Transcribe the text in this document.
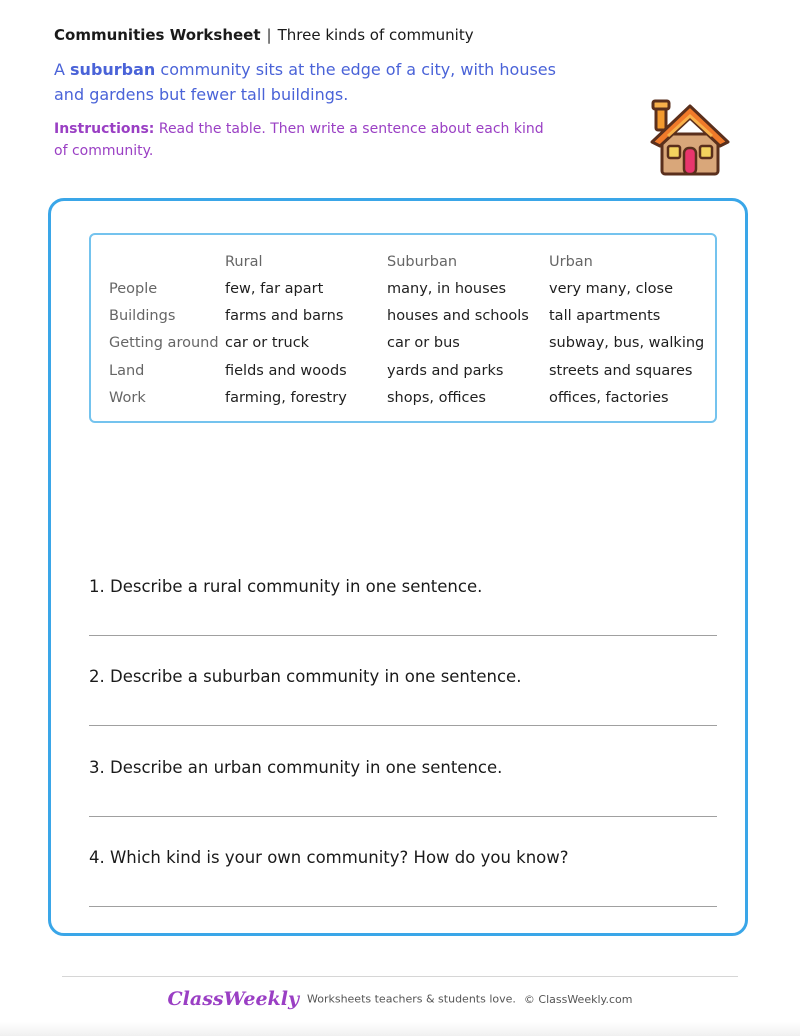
Communities Worksheet | Three kinds of community
A suburban community sits at the edge of a city, with houses and gardens but fewer tall buildings.
Instructions: Read the table. Then write a sentence about each kind of community.
	Rural	Suburban	Urban
People	few, far apart	many, in houses	very many, close
Buildings	farms and barns	houses and schools	tall apartments
Getting around	car or truck	car or bus	subway, bus, walking
Land	fields and woods	yards and parks	streets and squares
Work	farming, forestry	shops, offices	offices, factories
1. Describe a rural community in one sentence.
2. Describe a suburban community in one sentence.
3. Describe an urban community in one sentence.
4. Which kind is your own community? How do you know?
ClassWeekly Worksheets teachers & students love. © ClassWeekly.com
